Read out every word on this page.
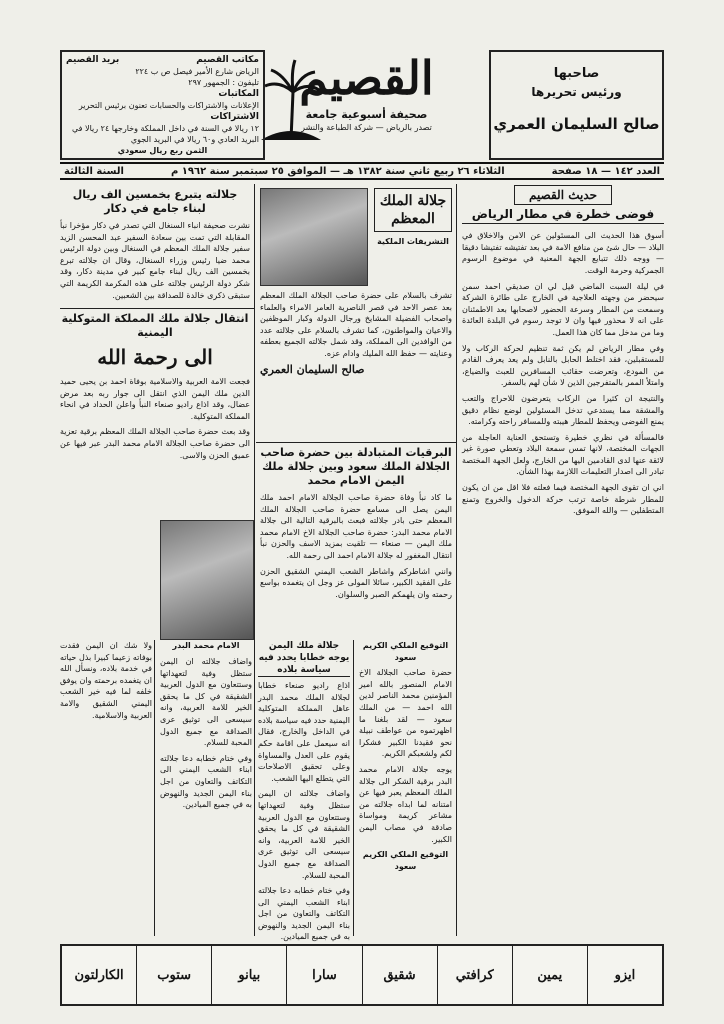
صاحبها
ورئيس تحريرها
صالح السليمان العمري
القصيم
صحيفة أسبوعية جامعة
تصدر بالرياض — شركة الطباعة والنشر
مكاتب القصيم
بريد القصيم
الرياض شارع الأمير فيصل ص ب ٢٢٤
تليفون : الجمهور ٢٩٧
المكاتبات
الإعلانات والاشتراكات والحسابات تعنون برئيس التحرير
الاشتراكات
١٢ ريالا في السنة في داخل المملكة وخارجها ٢٤ ريالا في البريد العادي و٦٠ ريالا في البريد الجوي
الثمن ربع ريال سعودي
العدد ١٤٢ — ١٨ صفحة
الثلاثاء ٢٦ ربيع ثاني سنة ١٣٨٢ هـ — الموافق ٢٥ سبتمبر سنة ١٩٦٢ م
السنة الثالثة
حديث القصيم
فوضى خطرة في مطار الرياض

أسوق هذا الحديث الى المسئولين عن الامن والاخلاق في البلاد — حال شئ من منافع الامة في بعد تفتيشه تفتيشا دقيقا — ووجه ذلك تتبايع الجهة المعنية في موضوع الرسوم الجمركية وحرمة الوقت.

في ليلة السبت الماضي قيل لي ان صديقي احمد سمن سيحضر من وجهته العلاجية في الخارج على طائرة الشركة وسمعت من المطار وسرعة الحضور لاصحابها بعد الاطمئنان على انه لا محذور فيها وان لا توجد رسوم في البلدة العائدة وما من مدخل مما كان هذا العمل.

وفي مطار الرياض لم يكن ثمة تنظيم لحركة الركاب ولا للمستقبلين، فقد اختلط الحابل بالنابل ولم يعد يعرف القادم من المودع، وتعرضت حقائب المسافرين للعبث والضياع، وامتلأ الممر بالمتفرجين الذين لا شأن لهم بالسفر.

والنتيجة ان كثيرا من الركاب يتعرضون للاحراج والتعب والمشقة مما يستدعي تدخل المسئولين لوضع نظام دقيق يمنع الفوضى ويحفظ للمطار هيبته وللمسافر راحته وكرامته.

فالمسألة في نظري خطيرة وتستحق العناية العاجلة من الجهات المختصة، لانها تمس سمعة البلاد وتعطي صورة غير لائقة عنها لدى القادمين اليها من الخارج، ولعل الجهة المختصة تبادر الى اصدار التعليمات اللازمة بهذا الشأن.

اني ان تقوى الجهة المختصة فيما فعلته فلا اقل من ان يكون للمطار شرطة خاصة ترتب حركة الدخول والخروج وتمنع المتطفلين — والله الموفق.

جلالة الملك المعظم
التشريفات الملكية

تشرف بالسلام على حضرة صاحب الجلالة الملك المعظم بعد عصر الاحد في قصر الناصرية العامر الامراء والعلماء واصحاب الفضيلة المشايخ ورجال الدولة وكبار الموظفين والاعيان والمواطنون، كما تشرف بالسلام على جلالته عدد من الوافدين الى المملكة، وقد شمل جلالته الجميع بعطفه وعنايته — حفظ الله المليك وادام عزه.

صالح السليمان العمري
جلالته يتبرع بخمسين الف ريال لبناء جامع في دكار

نشرت صحيفة انباء السنغال التي تصدر في دكار مؤخرا نبأ المقابلة التي تمت بين سعادة السفير عبد المحسن الزيد سفير جلالة الملك المعظم في السنغال وبين دولة الرئيس محمد ضيا رئيس وزراء السنغال، وقال ان جلالته تبرع بخمسين الف ريال لبناء جامع كبير في مدينة دكار، وقد شكر دولة الرئيس جلالته على هذه المكرمة الكريمة التي ستبقى ذكرى خالدة للصداقة بين الشعبين.

انتقال جلالة ملك المملكة المتوكلية اليمنية
الى رحمة الله

فجعت الامة العربية والاسلامية بوفاة احمد بن يحيى حميد الدين ملك اليمن الذي انتقل الى جوار ربه بعد مرض عضال، وقد اذاع راديو صنعاء النبأ واعلن الحداد في انحاء المملكة المتوكلية.

وقد بعث حضرة صاحب الجلالة الملك المعظم برقية تعزية الى حضرة صاحب الجلالة الامام محمد البدر عبر فيها عن عميق الحزن والاسى.

ولا شك ان اليمن فقدت بوفاته زعيما كبيرا بذل حياته في خدمة بلاده، ونسأل الله ان يتغمده برحمته وان يوفق خلفه لما فيه خير الشعب اليمني الشقيق والامة العربية والاسلامية.

الامام محمد البدر
البرقيات المتبادلة بين حضرة صاحب الجلالة الملك سعود وبين جلالة ملك اليمن الامام محمد

ما كاد نبأ وفاة حضرة صاحب الجلالة الامام احمد ملك اليمن يصل الى مسامع حضرة صاحب الجلالة الملك المعظم حتى بادر جلالته فبعث بالبرقية التالية الى جلالة الامام محمد البدر: حضرة صاحب الجلالة الاخ الامام محمد ملك اليمن — صنعاء — تلقيت بمزيد الاسف والحزن نبأ انتقال المغفور له جلالة الامام احمد الى رحمة الله.

وانني اشاطركم واشاطر الشعب اليمني الشقيق الحزن على الفقيد الكبير، سائلا المولى عز وجل ان يتغمده بواسع رحمته وان يلهمكم الصبر والسلوان.

التوقيع الملكي الكريم
سعود

حضرة صاحب الجلالة الاخ الامام المنصور بالله امير المؤمنين محمد الناصر لدين الله احمد — من الملك سعود — لقد بلغنا ما اظهرتموه من عواطف نبيلة نحو فقيدنا الكبير فشكرا لكم ولشعبكم الكريم.

يوجه جلالة الامام محمد البدر برقية الشكر الى جلالة الملك المعظم يعبر فيها عن امتنانه لما ابداه جلالته من مشاعر كريمة ومواساة صادقة في مصاب اليمن الكبير.

التوقيع الملكي الكريم
سعود
جلالة ملك اليمن يوجه خطابا يحدد فيه سياسة بلاده

اذاع راديو صنعاء خطابا لجلالة الملك محمد البدر عاهل المملكة المتوكلية اليمنية حدد فيه سياسة بلاده في الداخل والخارج، فقال انه سيعمل على اقامة حكم يقوم على العدل والمساواة وعلى تحقيق الاصلاحات التي يتطلع اليها الشعب.

واضاف جلالته ان اليمن ستظل وفية لتعهداتها وستتعاون مع الدول العربية الشقيقة في كل ما يحقق الخير للامة العربية، وانه سيسعى الى توثيق عرى الصداقة مع جميع الدول المحبة للسلام.

وفي ختام خطابه دعا جلالته ابناء الشعب اليمني الى التكاتف والتعاون من اجل بناء اليمن الجديد والنهوض به في جميع الميادين.

واضاف جلالته ان اليمن ستظل وفية لتعهداتها وستتعاون مع الدول العربية الشقيقة في كل ما يحقق الخير للامة العربية، وانه سيسعى الى توثيق عرى الصداقة مع جميع الدول المحبة للسلام.

وفي ختام خطابه دعا جلالته ابناء الشعب اليمني الى التكاتف والتعاون من اجل بناء اليمن الجديد والنهوض به في جميع الميادين.

ايزو
يمين
كرافتي
شقيق
سارا
بيانو
ستوب
الكارلتون
